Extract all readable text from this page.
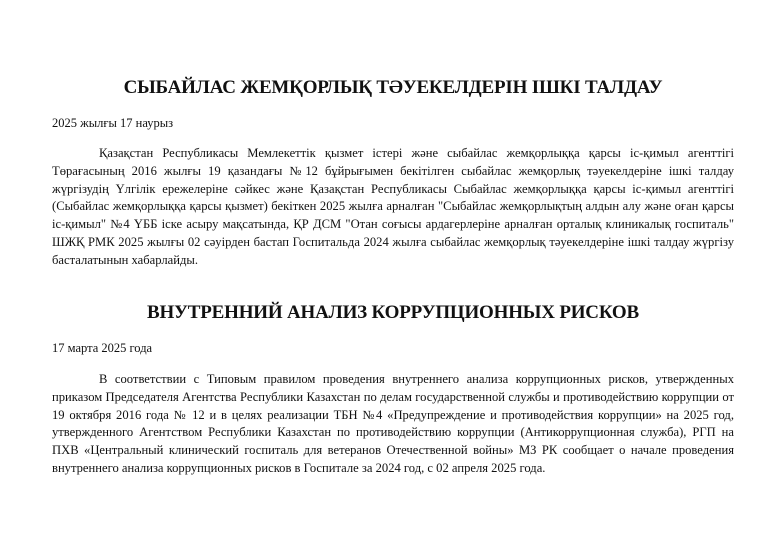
СЫБАЙЛАС ЖЕМҚОРЛЫҚ ТӘУЕКЕЛДЕРІН ІШКІ ТАЛДАУ

2025 жылғы 17 наурыз

Қазақстан Республикасы Мемлекеттік қызмет істері және сыбайлас жемқорлыққа қарсы іс-қимыл агенттігі Төрағасының 2016 жылғы 19 қазандағы №12 бұйрығымен бекітілген сыбайлас жемқорлық тәуекелдеріне ішкі талдау жүргізудің Үлгілік ережелеріне сәйкес және Қазақстан Республикасы Сыбайлас жемқорлыққа қарсы іс-қимыл агенттігі (Сыбайлас жемқорлыққа қарсы қызмет) бекіткен 2025 жылға арналған "Сыбайлас жемқорлықтың алдын алу және оған қарсы іс-қимыл" №4 ҮББ іске асыру мақсатында, ҚР ДСМ "Отан соғысы ардагерлеріне арналған орталық клиникалық госпиталь" ШЖҚ РМК 2025 жылғы 02 сәуірден бастап Госпитальда 2024 жылға сыбайлас жемқорлық тәуекелдеріне ішкі талдау жүргізу басталатынын хабарлайды.

ВНУТРЕННИЙ АНАЛИЗ КОРРУПЦИОННЫХ РИСКОВ

17 марта 2025 года

В соответствии с Типовым правилом проведения внутреннего анализа коррупционных рисков, утвержденных приказом Председателя Агентства Республики Казахстан по делам государственной службы и противодействию коррупции от 19 октября 2016 года № 12 и в целях реализации ТБН №4 «Предупреждение и противодействия коррупции» на 2025 год, утвержденного Агентством Республики Казахстан по противодействию коррупции (Антикоррупционная служба), РГП на ПХВ «Центральный клинический госпиталь для ветеранов Отечественной войны» МЗ РК сообщает о начале проведения внутреннего анализа коррупционных рисков в Госпитале за 2024 год, с 02 апреля 2025 года.
